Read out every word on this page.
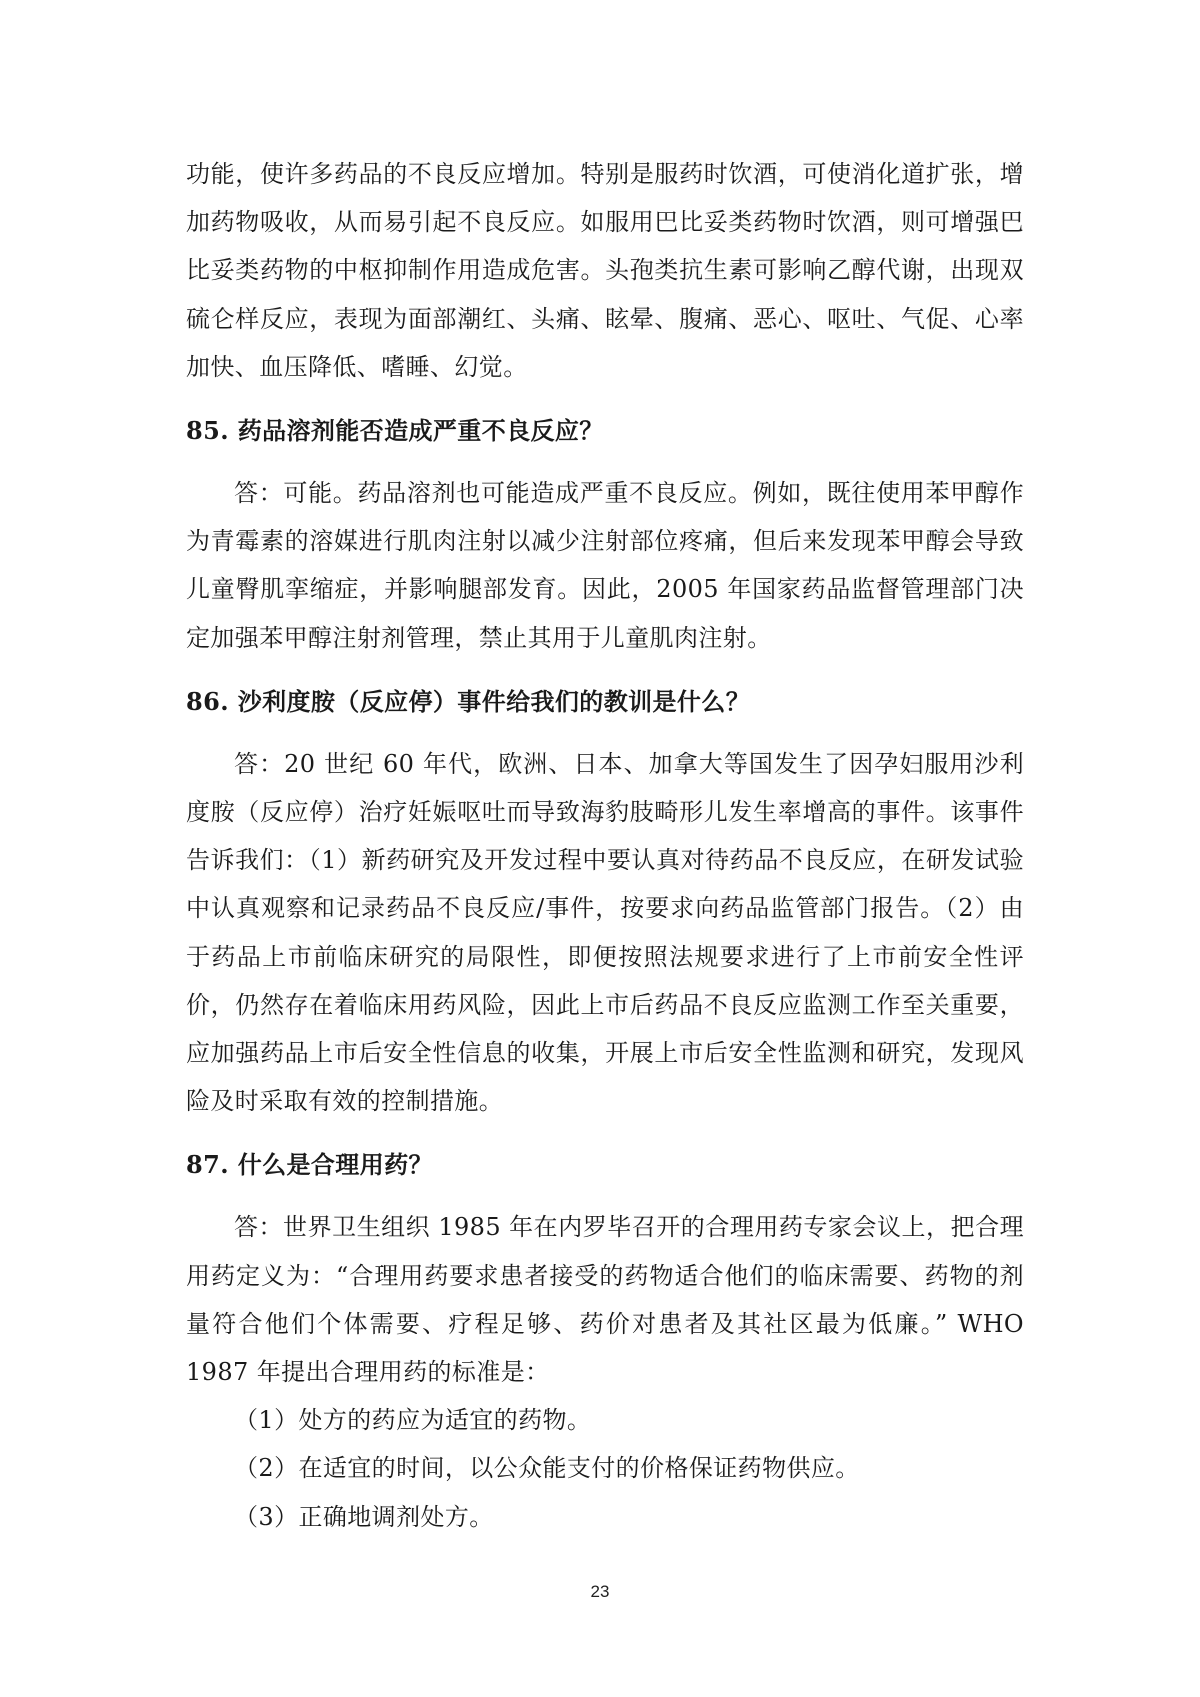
功能，使许多药品的不良反应增加。特别是服药时饮酒，可使消化道扩张，增加药物吸收，从而易引起不良反应。如服用巴比妥类药物时饮酒，则可增强巴比妥类药物的中枢抑制作用造成危害。头孢类抗生素可影响乙醇代谢，出现双硫仑样反应，表现为面部潮红、头痛、眩晕、腹痛、恶心、呕吐、气促、心率加快、血压降低、嗜睡、幻觉。

85. 药品溶剂能否造成严重不良反应？

答：可能。药品溶剂也可能造成严重不良反应。例如，既往使用苯甲醇作为青霉素的溶媒进行肌肉注射以减少注射部位疼痛，但后来发现苯甲醇会导致儿童臀肌挛缩症，并影响腿部发育。因此，2005 年国家药品监督管理部门决定加强苯甲醇注射剂管理，禁止其用于儿童肌肉注射。

86. 沙利度胺（反应停）事件给我们的教训是什么？

答：20 世纪 60 年代，欧洲、日本、加拿大等国发生了因孕妇服用沙利度胺（反应停）治疗妊娠呕吐而导致海豹肢畸形儿发生率增高的事件。该事件告诉我们：（1）新药研究及开发过程中要认真对待药品不良反应，在研发试验中认真观察和记录药品不良反应/事件，按要求向药品监管部门报告。（2）由于药品上市前临床研究的局限性，即便按照法规要求进行了上市前安全性评价，仍然存在着临床用药风险，因此上市后药品不良反应监测工作至关重要，应加强药品上市后安全性信息的收集，开展上市后安全性监测和研究，发现风险及时采取有效的控制措施。

87. 什么是合理用药？

答：世界卫生组织 1985 年在内罗毕召开的合理用药专家会议上，把合理用药定义为：“合理用药要求患者接受的药物适合他们的临床需要、药物的剂量符合他们个体需要、疗程足够、药价对患者及其社区最为低廉。” WHO 1987 年提出合理用药的标准是：

（1）处方的药应为适宜的药物。

（2）在适宜的时间，以公众能支付的价格保证药物供应。

（3）正确地调剂处方。

23
